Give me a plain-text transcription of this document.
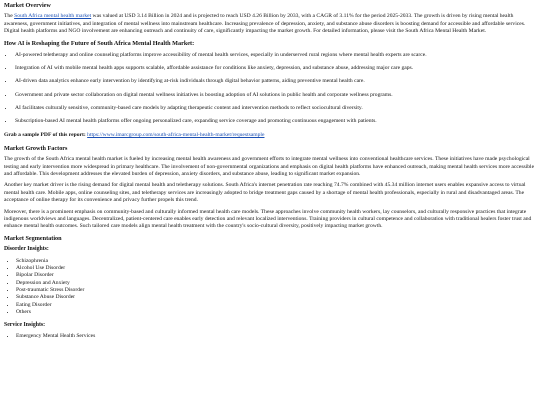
Market Overview

The South Africa mental health market was valued at USD 3.14 Billion in 2024 and is projected to reach USD 4.26 Billion by 2033, with a CAGR of 3.11% for the period 2025-2033. The growth is driven by rising mental health awareness, government initiatives, and integration of mental wellness into mainstream healthcare. Increasing prevalence of depression, anxiety, and substance abuse disorders is boosting demand for accessible and affordable services. Digital health platforms and NGO involvement are enhancing outreach and continuity of care, significantly impacting the market growth. For detailed information, please visit the South Africa Mental Health Market.

How AI is Reshaping the Future of South Africa Mental Health Market:
• AI-powered teletherapy and online counseling platforms improve accessibility of mental health services, especially in underserved rural regions where mental health experts are scarce.
• Integration of AI with mobile mental health apps supports scalable, affordable assistance for conditions like anxiety, depression, and substance abuse, addressing major care gaps.
• AI-driven data analytics enhance early intervention by identifying at-risk individuals through digital behavior patterns, aiding preventive mental health care.
• Government and private sector collaboration on digital mental wellness initiatives is boosting adoption of AI solutions in public health and corporate wellness programs.
• AI facilitates culturally sensitive, community-based care models by adapting therapeutic content and intervention methods to reflect sociocultural diversity.
• Subscription-based AI mental health platforms offer ongoing personalized care, expanding service coverage and promoting continuous engagement with patients.
Grab a sample PDF of this report: https://www.imarcgroup.com/south-africa-mental-health-market/requestsample
Market Growth Factors

The growth of the South Africa mental health market is fueled by increasing mental health awareness and government efforts to integrate mental wellness into conventional healthcare services. These initiatives have made psychological testing and early intervention more widespread in primary healthcare. The involvement of non-governmental organizations and emphasis on digital health platforms have enhanced outreach, making mental health services more accessible and affordable. This development addresses the elevated burden of depression, anxiety disorders, and substance abuse, leading to significant market expansion.

Another key market driver is the rising demand for digital mental health and teletherapy solutions. South Africa's internet penetration rate reaching 74.7% combined with 45.34 million internet users enables expansive access to virtual mental health care. Mobile apps, online counseling sites, and teletherapy services are increasingly adopted to bridge treatment gaps caused by a shortage of mental health professionals, especially in rural and disadvantaged areas. The acceptance of online therapy for its convenience and privacy further propels this trend.

Moreover, there is a prominent emphasis on community-based and culturally informed mental health care models. These approaches involve community health workers, lay counselors, and culturally responsive practices that integrate indigenous worldviews and languages. Decentralized, patient-centered care enables early detection and relevant localized interventions. Training providers in cultural competence and collaboration with traditional healers foster trust and enhance mental health outcomes. Such tailored care models align mental health treatment with the country's socio-cultural diversity, positively impacting market growth.

Market Segmentation
Disorder Insights:
• Schizophrenia
• Alcohol Use Disorder
• Bipolar Disorder
• Depression and Anxiety
• Post-traumatic Stress Disorder
• Substance Abuse Disorder
• Eating Disorder
• Others
Service Insights:
• Emergency Mental Health Services
